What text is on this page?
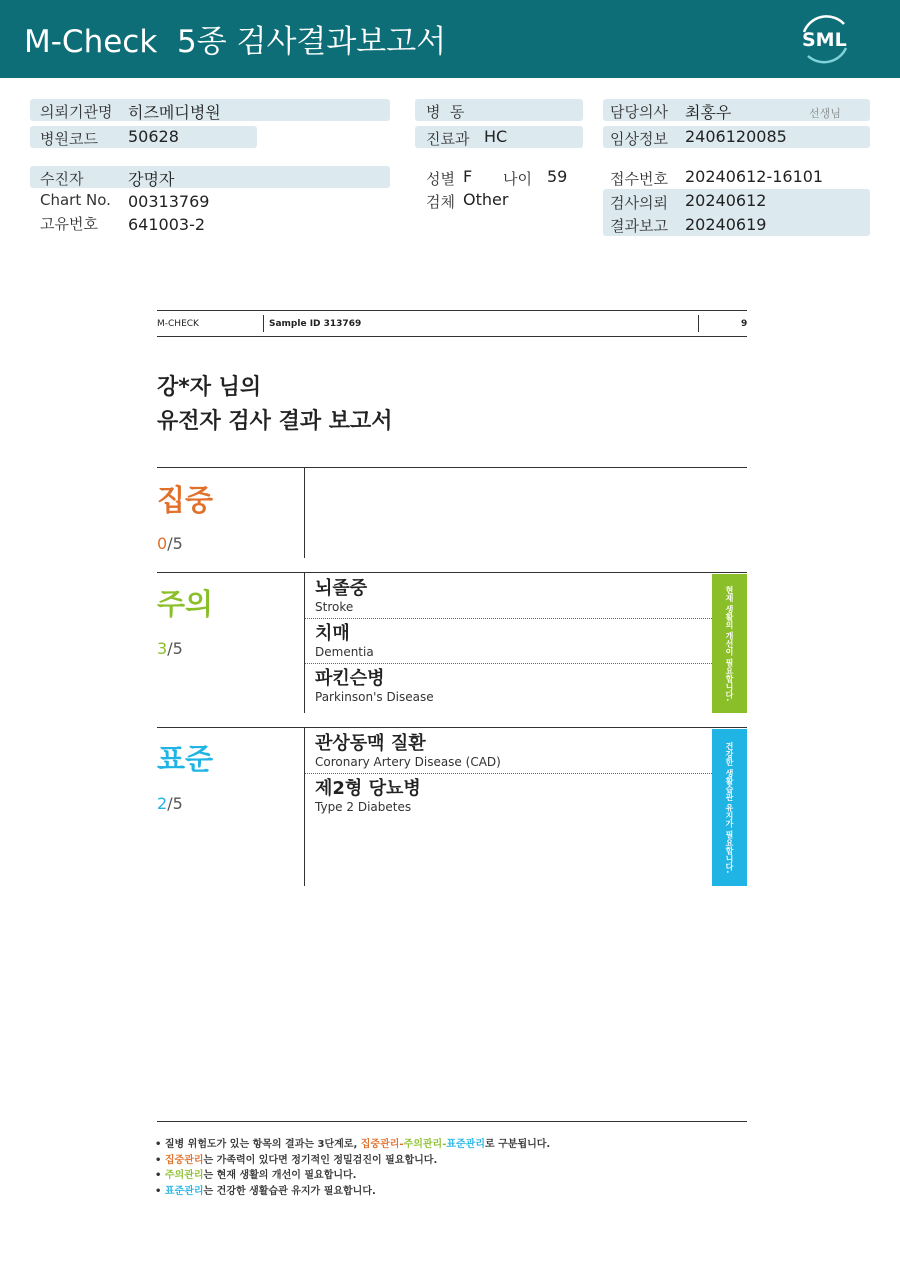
M-Check  5종 검사결과보고서	SML
의뢰기관명 히즈메디병원
병원코드 50628
수진자	강명자
Chart No. 00313769
고유번호 641003-2
병  동
진료과 HC
성별 F 나이 59
검체 Other
담당의사 최홍우	선생님
임상정보 2406120085
접수번호 20240612-16101
검사의뢰 20240612
결과보고 20240619
M-CHECK	Sample ID 313769	9
강*자 님의
유전자 검사 결과 보고서
집중
0/5
주의
3/5
뇌졸중
Stroke
치매
Dementia
파킨슨병
Parkinson's Disease	현재 생활의 개선이 필요합니다.
표준
2/5
관상동맥 질환
Coronary Artery Disease (CAD)
제2형 당뇨병
Type 2 Diabetes	건강한 생활습관 유지가 필요합니다.
• 질병 위험도가 있는 항목의 결과는 3단계로, 집중관리-주의관리-표준관리로 구분됩니다.
• 집중관리는 가족력이 있다면 정기적인 정밀검진이 필요합니다.
• 주의관리는 현재 생활의 개선이 필요합니다.
• 표준관리는 건강한 생활습관 유지가 필요합니다.
